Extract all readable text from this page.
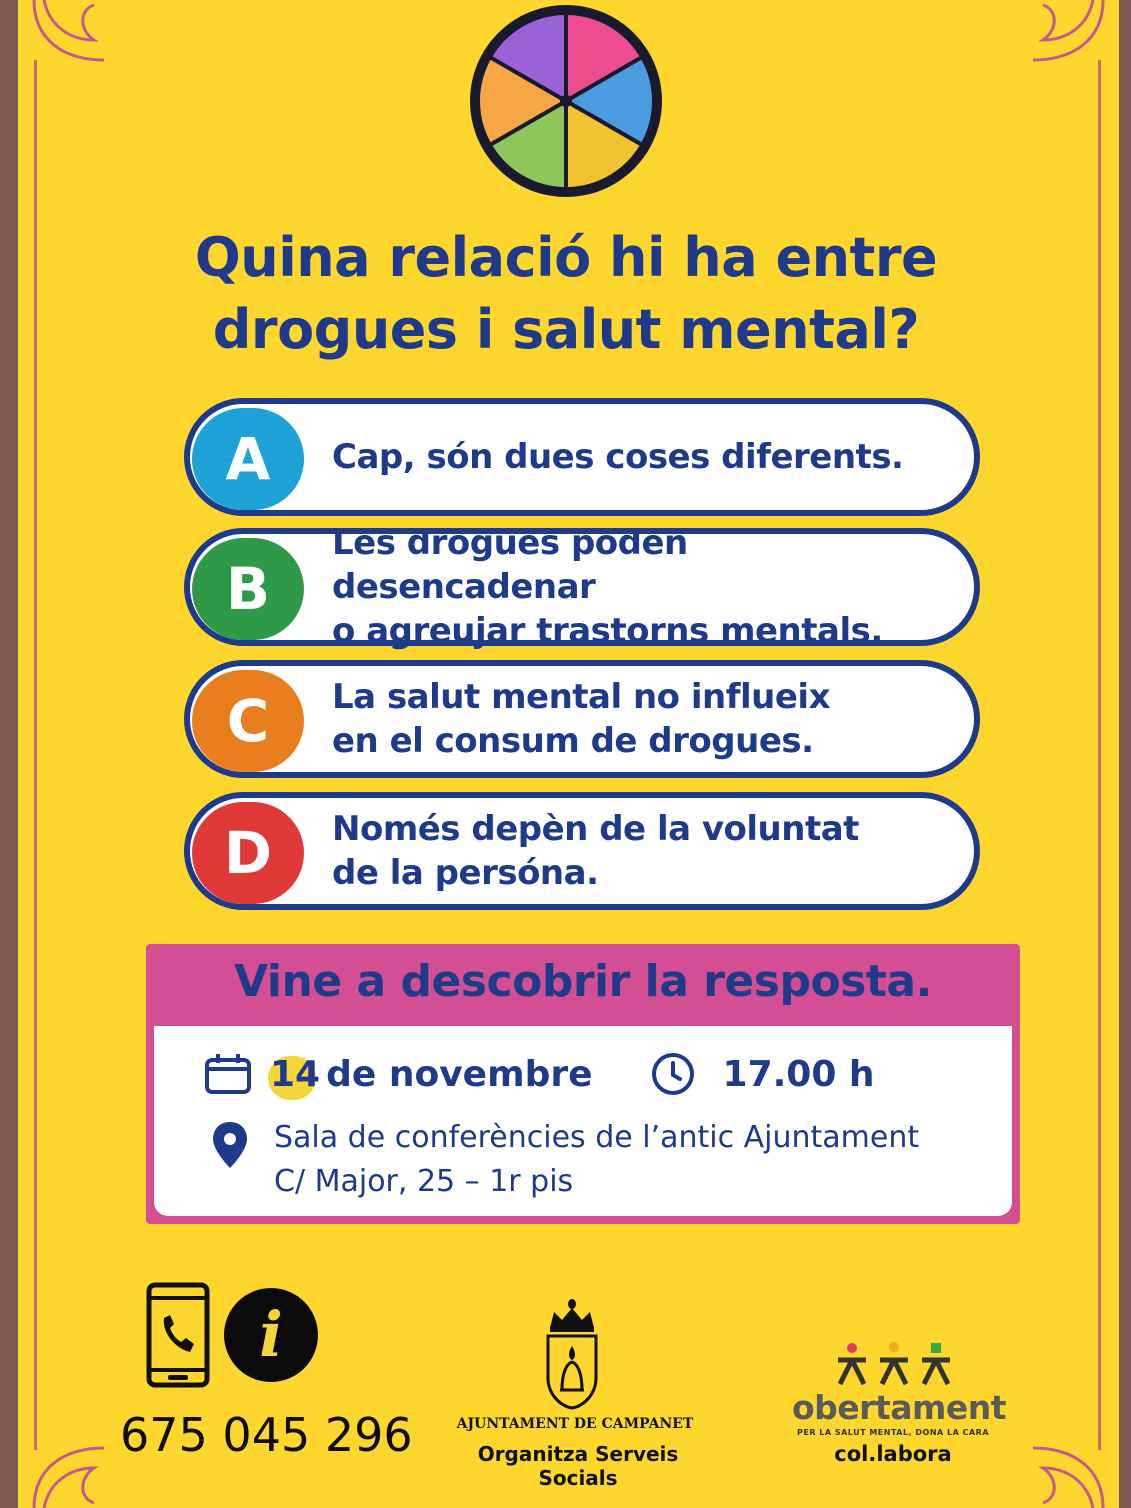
Quina relació hi ha entre
drogues i salut mental?
A	Cap, són dues coses diferents.
B
Les drogues poden desencadenar
o agreujar trastorns mentals.
C	La salut mental no influeix
en el consum de drogues.
D	Només depèn de la voluntat
de la persóna.
Vine a descobrir la resposta.
14 de novembre	17.00 h
Sala de conferències de l’antic Ajuntament
C/ Major, 25 – 1r pis
i
675 045 296	AJUNTAMENT DE CAMPANET
Organitza Serveis Socials
obertament
PER LA SALUT MENTAL, DONA LA CARA
col.labora
